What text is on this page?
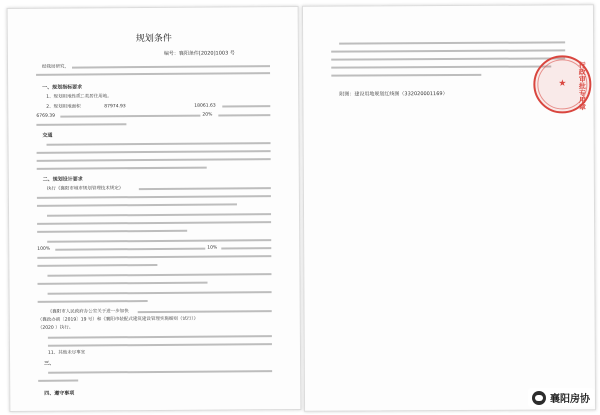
规划条件
编号：襄阳条件[2020]1003 号
经我局研究，
一、规划指标要求
1、规划用地性质：
二类居住用地。
2、规划用地面积	87974.93	18061.63
6769.39	20%
交通
二、规划设计要求
执行《襄阳市城市规划管理技术规定》
100%	10%
《襄阳市人民政府办公室关于进一步加快
（襄政办函〔2019〕19 号）和《襄阳市装配式建筑建设管理实施细则（试行）》
（2020 ）执行。
11、其他未尽事宜
三、
四、遵守事项
附图：建设用地规划红线图（332020001169）
★ 行政审批专用章
襄阳房协
